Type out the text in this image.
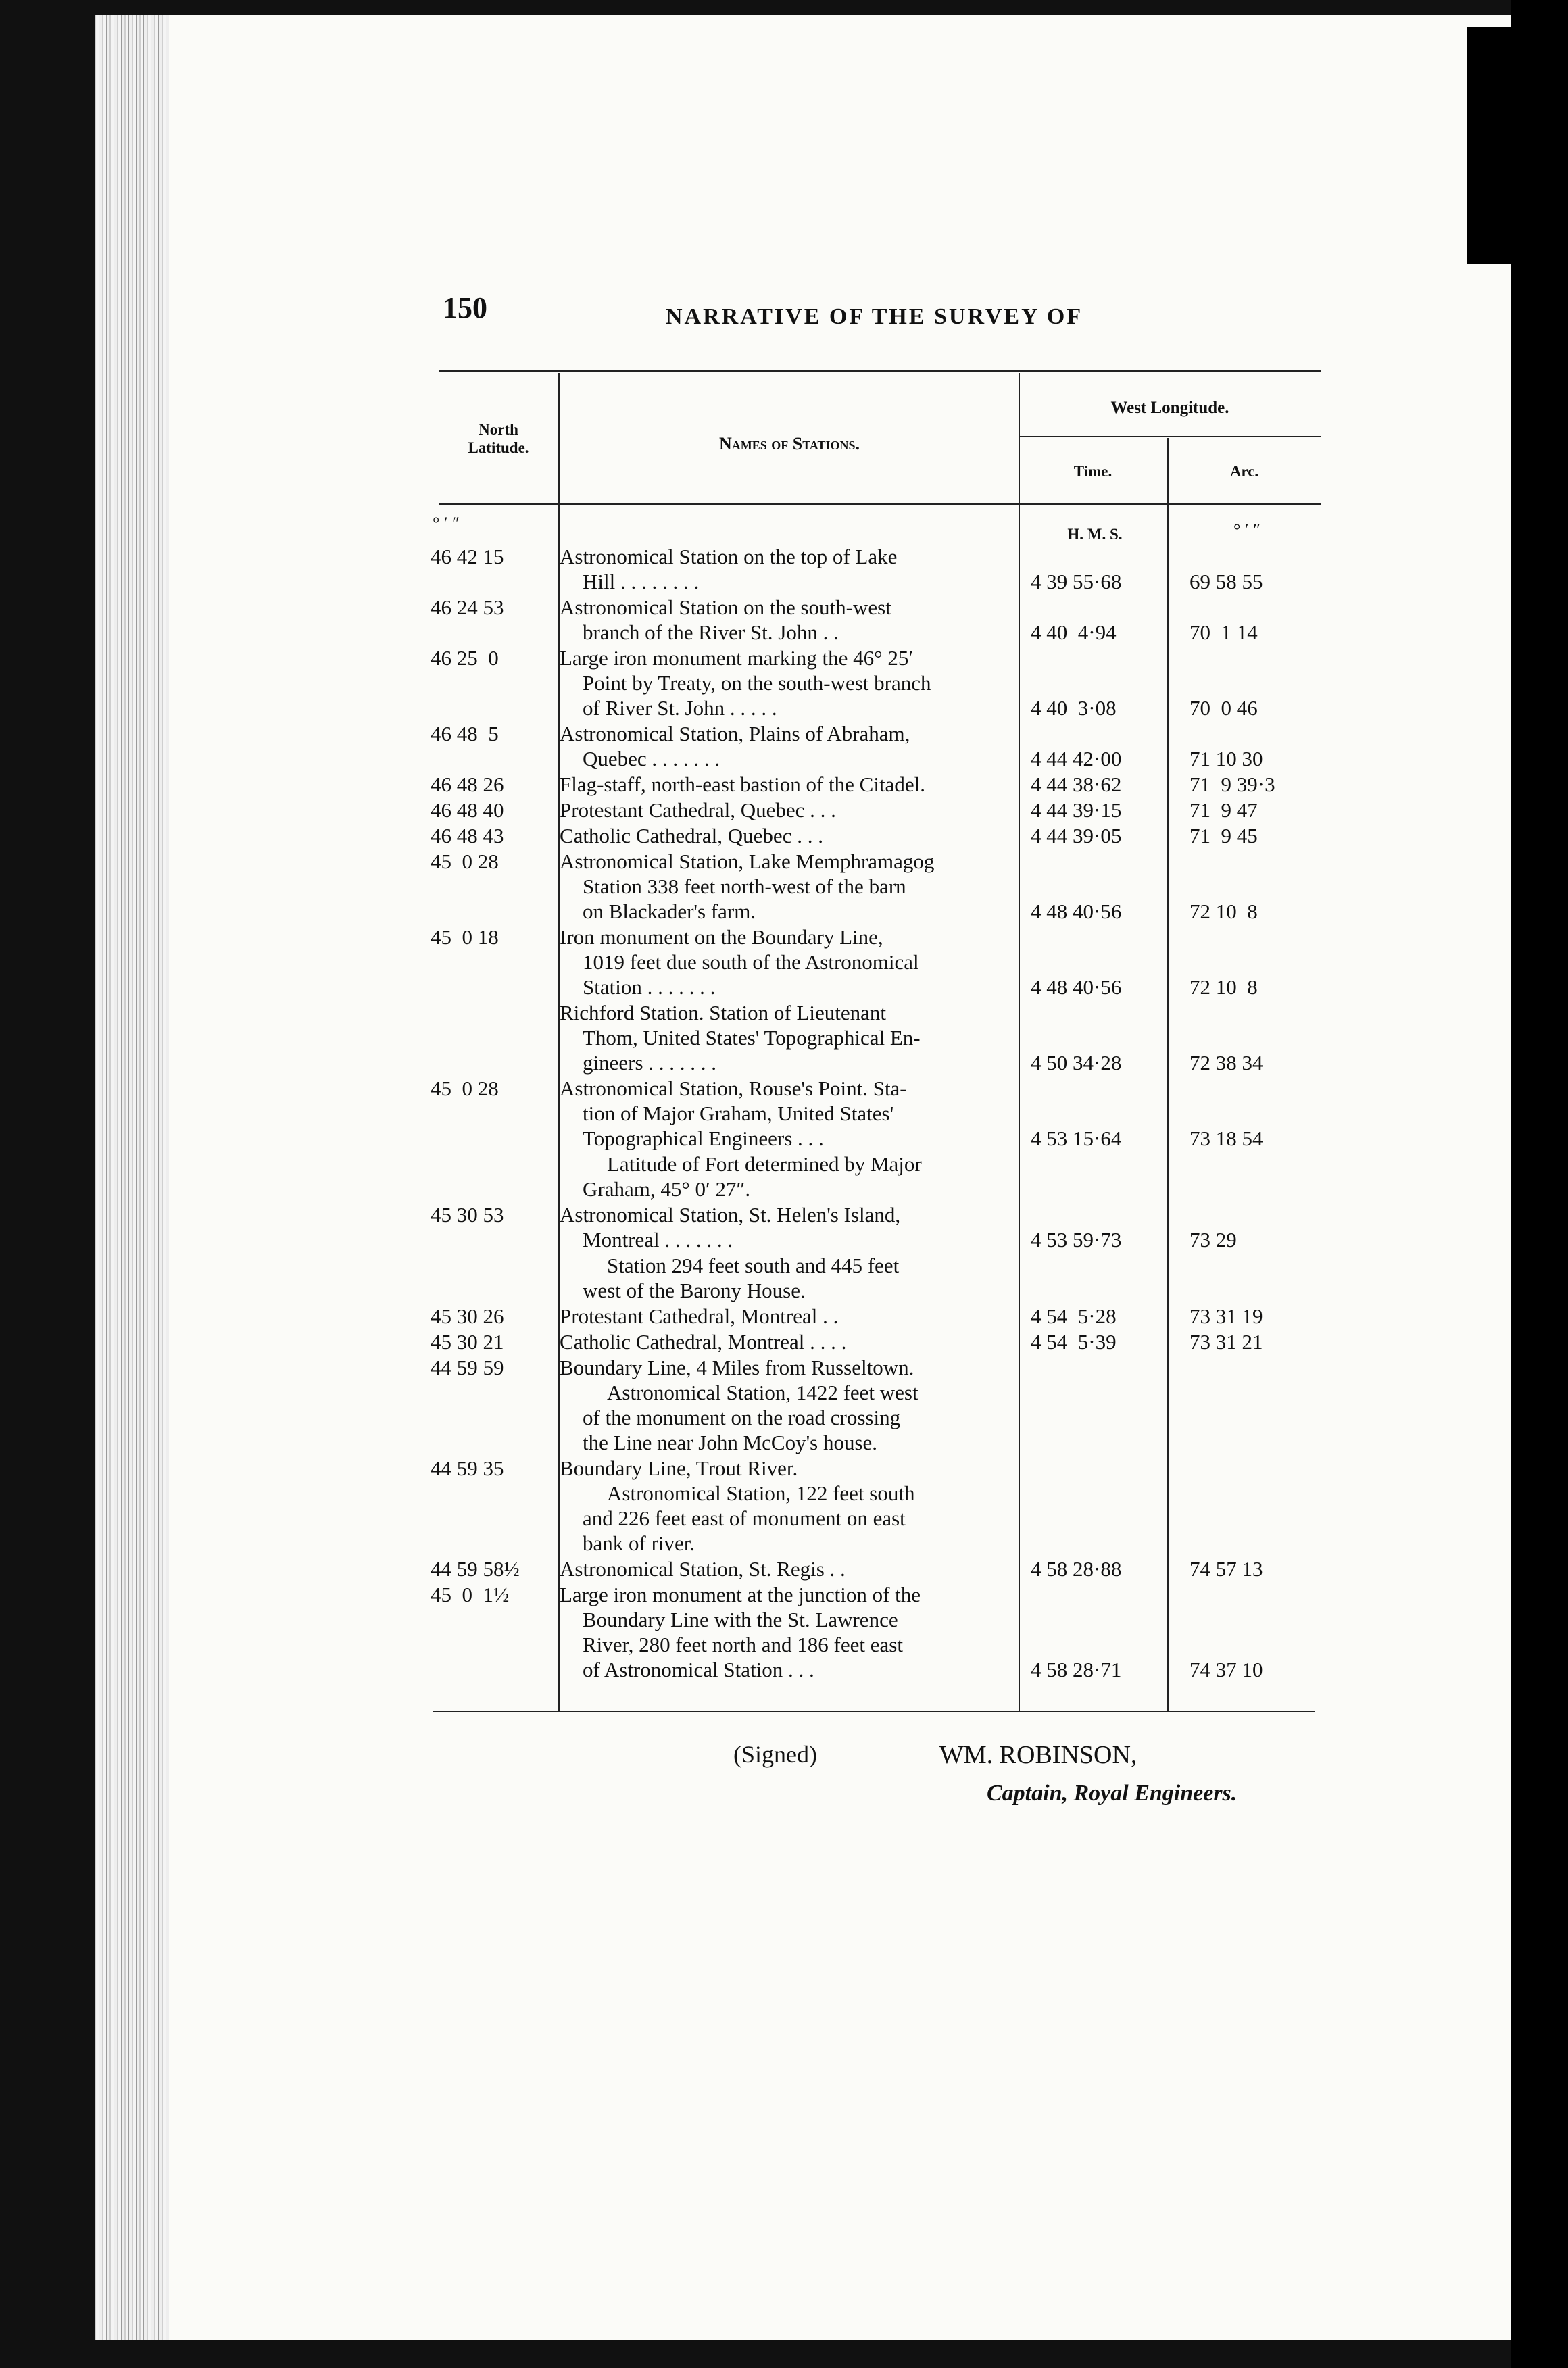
150	NARRATIVE OF THE SURVEY OF
North
Latitude.	Names of Stations.
West Longitude.
Time.	Arc.
° ′ ″
H. M. S.	° ′ ″
46 42 15	Astronomical Station on the top of Lake
Hill . . . . . . . .	4 39 55·68	69 58 55
46 24 53	Astronomical Station on the south-west
branch of the River St. John . .	4 40  4·94	70  1 14
46 25  0	Large iron monument marking the 46° 25′
Point by Treaty, on the south-west branch
of River St. John . . . . .	4 40  3·08	70  0 46
46 48  5	Astronomical Station, Plains of Abraham,
Quebec . . . . . . .	4 44 42·00	71 10 30
46 48 26	Flag-staff, north-east bastion of the Citadel.	4 44 38·62	71  9 39·3
46 48 40	Protestant Cathedral, Quebec . . .	4 44 39·15	71  9 47
46 48 43	Catholic Cathedral, Quebec . . .	4 44 39·05	71  9 45
45  0 28	Astronomical Station, Lake Memphramagog
Station 338 feet north-west of the barn
on Blackader's farm.	4 48 40·56	72 10  8
45  0 18	Iron monument on the Boundary Line,
1019 feet due south of the Astronomical
Station . . . . . . .	4 48 40·56	72 10  8
Richford Station. Station of Lieutenant
Thom, United States' Topographical En-
gineers . . . . . . .	4 50 34·28	72 38 34
45  0 28	Astronomical Station, Rouse's Point. Sta-
tion of Major Graham, United States'
Topographical Engineers . . .	4 53 15·64	73 18 54
Latitude of Fort determined by Major
Graham, 45° 0′ 27″.
45 30 53	Astronomical Station, St. Helen's Island,
Montreal . . . . . . .	4 53 59·73	73 29
Station 294 feet south and 445 feet
west of the Barony House.
45 30 26	Protestant Cathedral, Montreal . .	4 54  5·28	73 31 19
45 30 21	Catholic Cathedral, Montreal . . . .	4 54  5·39	73 31 21
44 59 59	Boundary Line, 4 Miles from Russeltown.
Astronomical Station, 1422 feet west
of the monument on the road crossing
the Line near John McCoy's house.
44 59 35	Boundary Line, Trout River.
Astronomical Station, 122 feet south
and 226 feet east of monument on east
bank of river.
44 59 58½	Astronomical Station, St. Regis . .	4 58 28·88	74 57 13
45  0  1½	Large iron monument at the junction of the
Boundary Line with the St. Lawrence
River, 280 feet north and 186 feet east
of Astronomical Station . . .	4 58 28·71	74 37 10
(Signed)	WM. ROBINSON,
Captain, Royal Engineers.
